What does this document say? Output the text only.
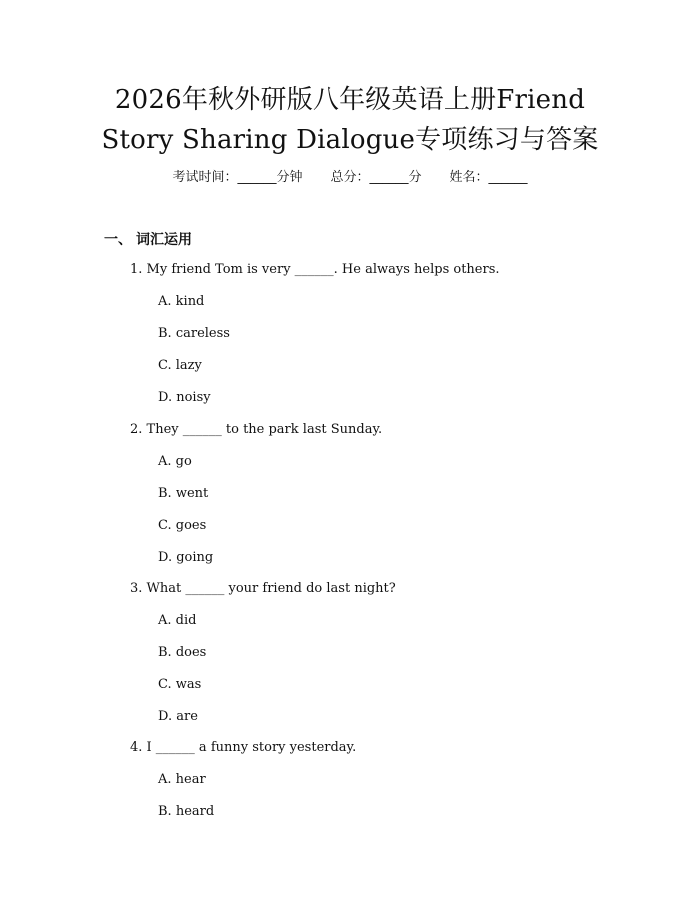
2026年秋外研版八年级英语上册Friend
Story Sharing Dialogue专项练习与答案
考试时间：______分钟 总分：______分 姓名：______
一、 词汇运用
1. My friend Tom is very ______. He always helps others.
A. kind
B. careless
C. lazy
D. noisy
2. They ______ to the park last Sunday.
A. go
B. went
C. goes
D. going
3. What ______ your friend do last night?
A. did
B. does
C. was
D. are
4. I ______ a funny story yesterday.
A. hear
B. heard
